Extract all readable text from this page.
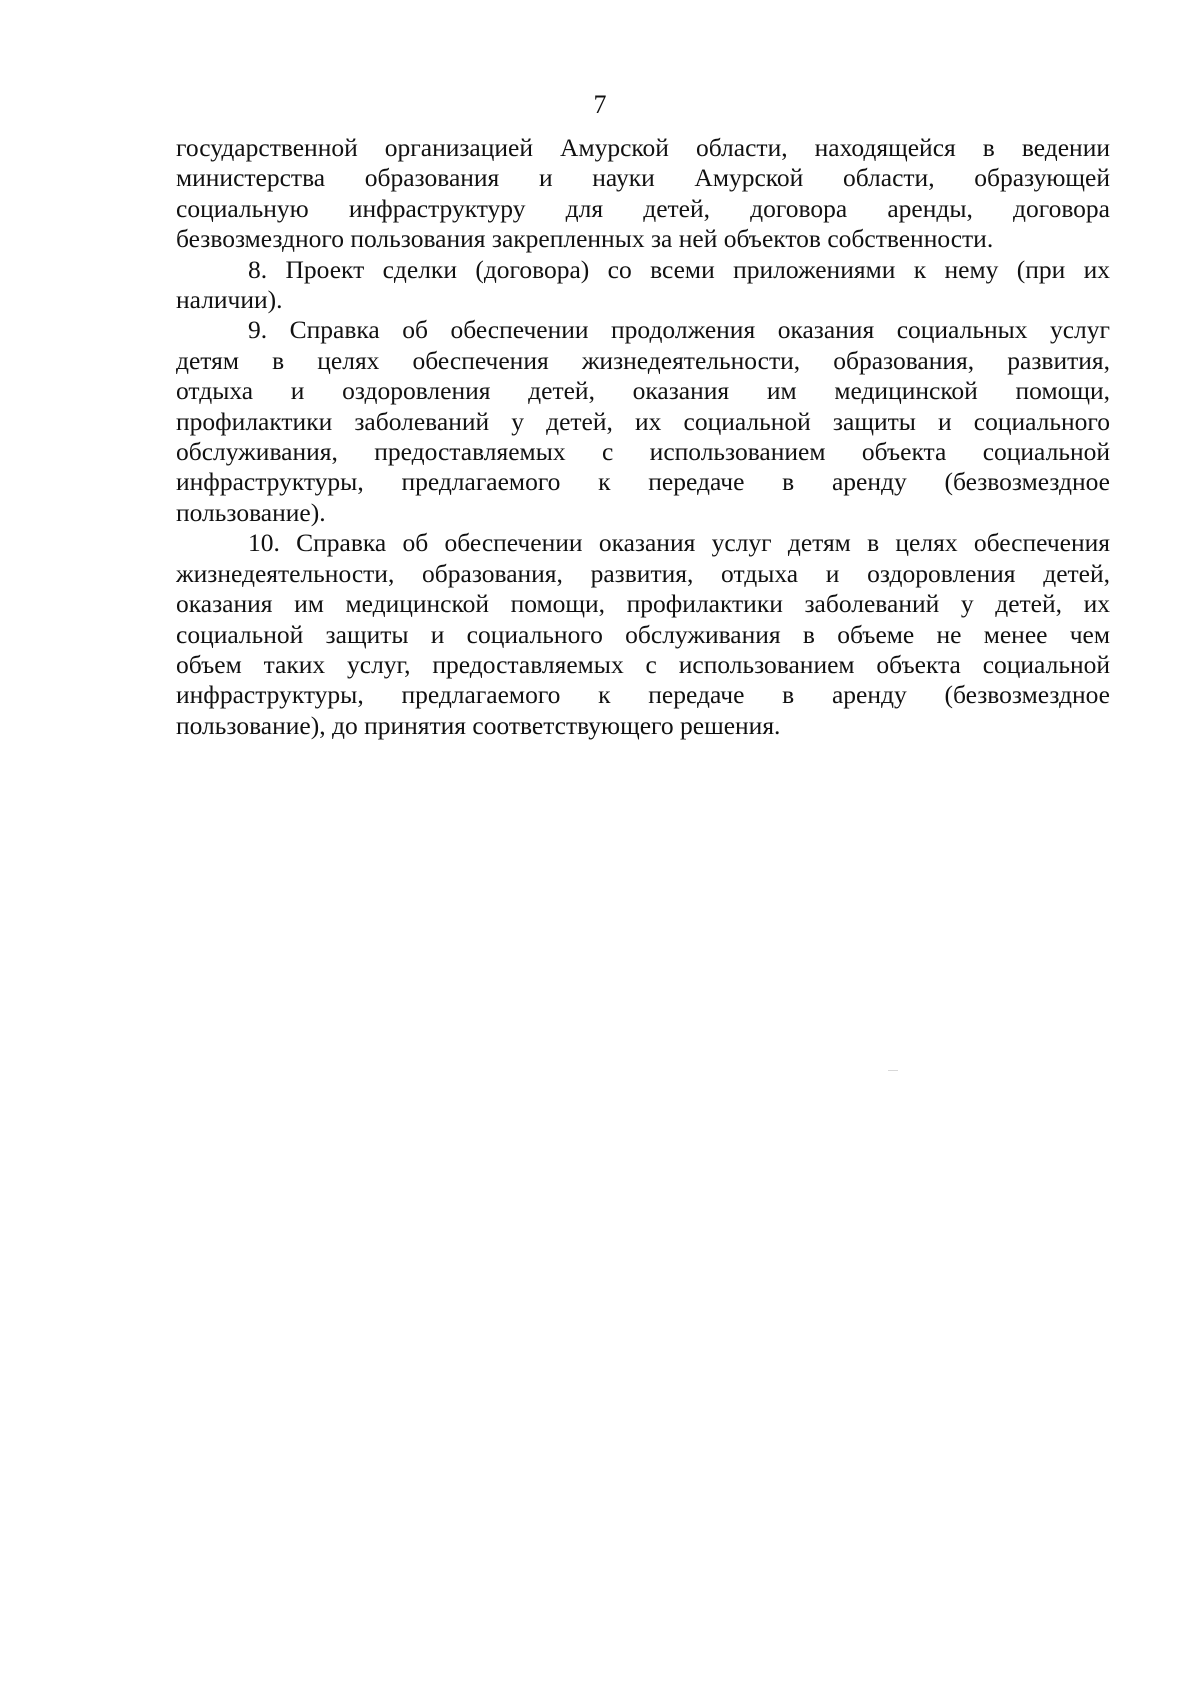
7
государственной организацией Амурской области, находящейся в ведении
министерства образования и науки Амурской области, образующей
социальную инфраструктуру для детей, договора аренды, договора
безвозмездного пользования закрепленных за ней объектов собственности.
8. Проект сделки (договора) со всеми приложениями к нему (при их
наличии).
9. Справка об обеспечении продолжения оказания социальных услуг
детям в целях обеспечения жизнедеятельности, образования, развития,
отдыха и оздоровления детей, оказания им медицинской помощи,
профилактики заболеваний у детей, их социальной защиты и социального
обслуживания, предоставляемых с использованием объекта социальной
инфраструктуры, предлагаемого к передаче в аренду (безвозмездное
пользование).
10. Справка об обеспечении оказания услуг детям в целях обеспечения
жизнедеятельности, образования, развития, отдыха и оздоровления детей,
оказания им медицинской помощи, профилактики заболеваний у детей, их
социальной защиты и социального обслуживания в объеме не менее чем
объем таких услуг, предоставляемых с использованием объекта социальной
инфраструктуры, предлагаемого к передаче в аренду (безвозмездное
пользование), до принятия соответствующего решения.
